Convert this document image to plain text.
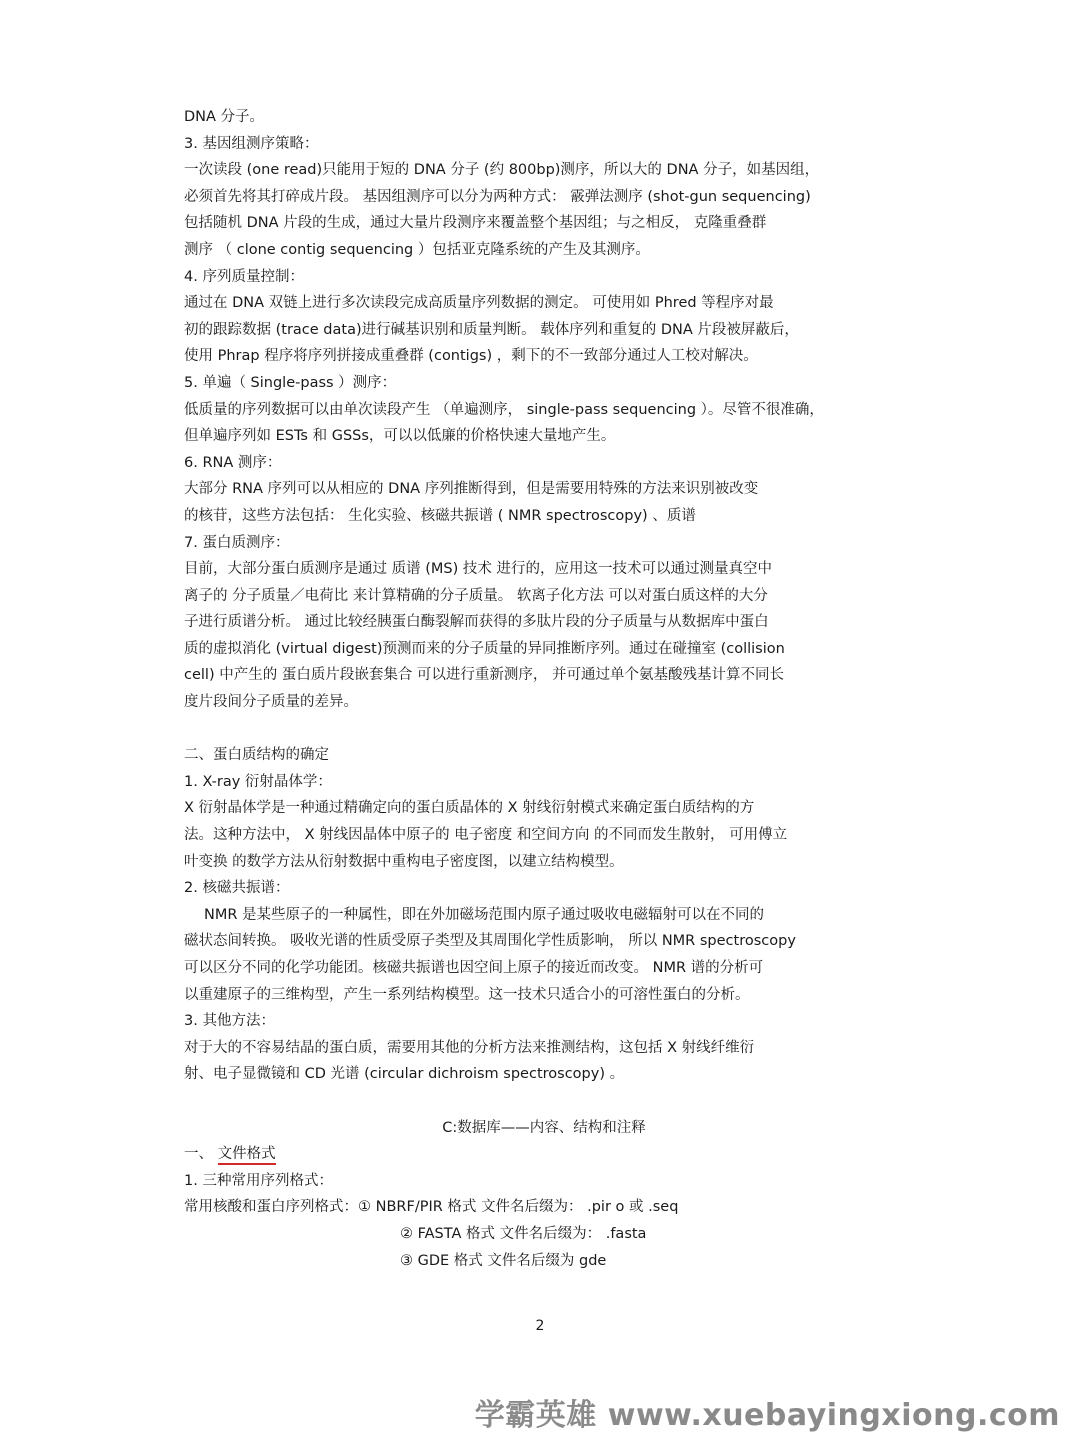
DNA 分子。
3. 基因组测序策略：
一次读段 (one read)只能用于短的 DNA 分子 (约 800bp)测序，所以大的 DNA 分子，如基因组，
必须首先将其打碎成片段。 基因组测序可以分为两种方式： 霰弹法测序 (shot-gun sequencing)
包括随机 DNA 片段的生成，通过大量片段测序来覆盖整个基因组；与之相反， 克隆重叠群
测序 （ clone contig sequencing ）包括亚克隆系统的产生及其测序。
4. 序列质量控制：
通过在 DNA 双链上进行多次读段完成高质量序列数据的测定。 可使用如 Phred 等程序对最
初的跟踪数据 (trace data)进行碱基识别和质量判断。 载体序列和重复的 DNA 片段被屏蔽后，
使用 Phrap 程序将序列拼接成重叠群 (contigs) ，剩下的不一致部分通过人工校对解决。
5. 单遍（ Single-pass ）测序：
低质量的序列数据可以由单次读段产生 （单遍测序， single-pass sequencing ）。尽管不很准确，
但单遍序列如 ESTs 和 GSSs，可以以低廉的价格快速大量地产生。
6. RNA 测序：
大部分 RNA 序列可以从相应的 DNA 序列推断得到，但是需要用特殊的方法来识别被改变
的核苷，这些方法包括： 生化实验、核磁共振谱 ( NMR spectroscopy) 、质谱
7. 蛋白质测序：
目前，大部分蛋白质测序是通过 质谱 (MS) 技术 进行的，应用这一技术可以通过测量真空中
离子的 分子质量／电荷比 来计算精确的分子质量。 软离子化方法 可以对蛋白质这样的大分
子进行质谱分析。 通过比较经胰蛋白酶裂解而获得的多肽片段的分子质量与从数据库中蛋白
质的虚拟消化 (virtual digest)预测而来的分子质量的异同推断序列。通过在碰撞室 (collision
cell) 中产生的 蛋白质片段嵌套集合 可以进行重新测序， 并可通过单个氨基酸残基计算不同长
度片段间分子质量的差异。
二、蛋白质结构的确定
1. X-ray 衍射晶体学：
X 衍射晶体学是一种通过精确定向的蛋白质晶体的 X 射线衍射模式来确定蛋白质结构的方
法。这种方法中， X 射线因晶体中原子的 电子密度 和空间方向 的不同而发生散射， 可用傅立
叶变换 的数学方法从衍射数据中重构电子密度图，以建立结构模型。
2. 核磁共振谱：
NMR 是某些原子的一种属性，即在外加磁场范围内原子通过吸收电磁辐射可以在不同的
磁状态间转换。 吸收光谱的性质受原子类型及其周围化学性质影响， 所以 NMR spectroscopy
可以区分不同的化学功能团。核磁共振谱也因空间上原子的接近而改变。 NMR 谱的分析可
以重建原子的三维构型，产生一系列结构模型。这一技术只适合小的可溶性蛋白的分析。
3. 其他方法：
对于大的不容易结晶的蛋白质，需要用其他的分析方法来推测结构，这包括 X 射线纤维衍
射、电子显微镜和 CD 光谱 (circular dichroism spectroscopy) 。
C:数据库——内容、结构和注释
一、 文件格式
1. 三种常用序列格式：
常用核酸和蛋白序列格式：① NBRF/PIR 格式 文件名后缀为： .pir o 或 .seq
② FASTA 格式 文件名后缀为： .fasta
③ GDE 格式 文件名后缀为 gde
2
学霸英雄 www.xuebayingxiong.com
